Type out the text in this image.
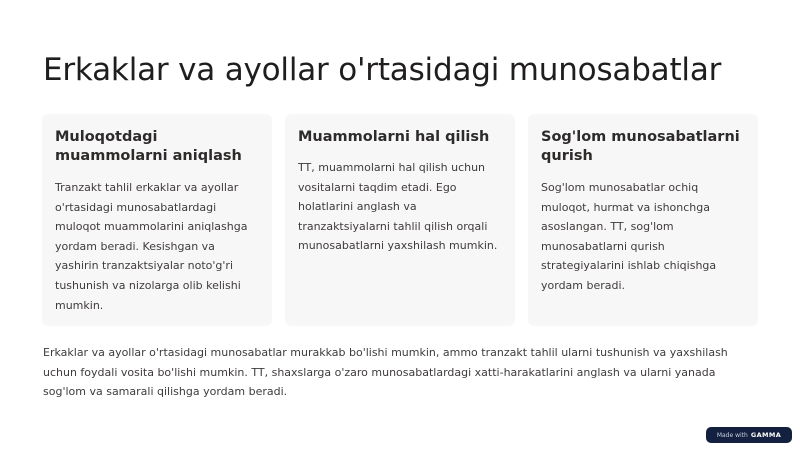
Erkaklar va ayollar o'rtasidagi munosabatlar
Muloqotdagi muammolarni aniqlash

Tranzakt tahlil erkaklar va ayollar o'rtasidagi munosabatlardagi muloqot muammolarini aniqlashga yordam beradi. Kesishgan va yashirin tranzaktsiyalar noto'g'ri tushunish va nizolarga olib kelishi mumkin.

Muammolarni hal qilish

TT, muammolarni hal qilish uchun vositalarni taqdim etadi. Ego holatlarini anglash va tranzaktsiyalarni tahlil qilish orqali munosabatlarni yaxshilash mumkin.

Sog'lom munosabatlarni qurish

Sog'lom munosabatlar ochiq muloqot, hurmat va ishonchga asoslangan. TT, sog'lom munosabatlarni qurish strategiyalarini ishlab chiqishga yordam beradi.

Erkaklar va ayollar o'rtasidagi munosabatlar murakkab bo'lishi mumkin, ammo tranzakt tahlil ularni tushunish va yaxshilash uchun foydali vosita bo'lishi mumkin. TT, shaxslarga o'zaro munosabatlardagi xatti-harakatlarini anglash va ularni yanada sog'lom va samarali qilishga yordam beradi.

Made with GAMMA
